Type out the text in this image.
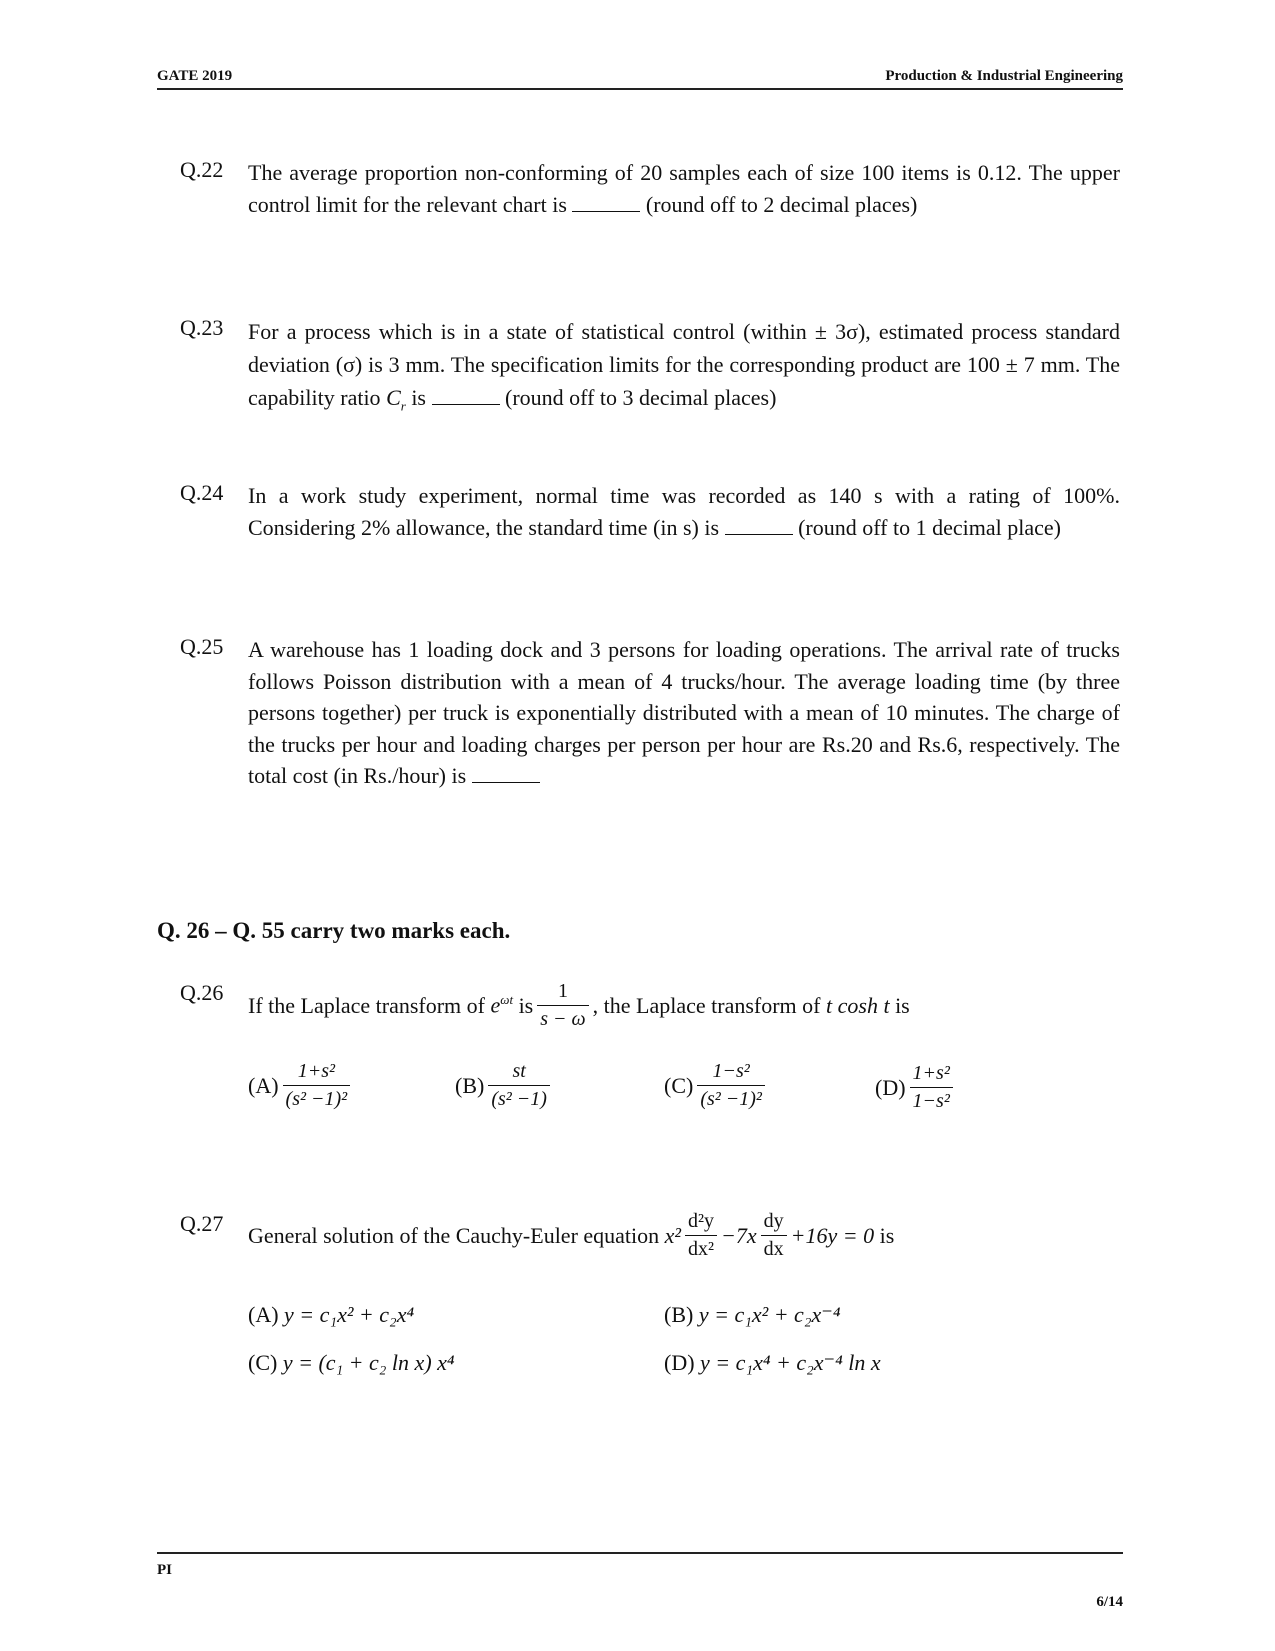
GATE 2019	Production & Industrial Engineering
Q.22 The average proportion non-conforming of 20 samples each of size 100 items is 0.12. The upper control limit for the relevant chart is	(round off to 2 decimal places)
Q.23 For a process which is in a state of statistical control (within ± 3σ), estimated process standard deviation (σ) is 3 mm. The specification limits for the corresponding product are 100 ± 7 mm. The capability ratio $C_r$ is	(round off to 3 decimal places)
Q.24 In a work study experiment, normal time was recorded as 140 s with a rating of 100%. Considering 2% allowance, the standard time (in s) is	(round off to 1 decimal place)
Q.25 A warehouse has 1 loading dock and 3 persons for loading operations. The arrival rate of trucks follows Poisson distribution with a mean of 4 trucks/hour. The average loading time (by three persons together) per truck is exponentially distributed with a mean of 10 minutes. The charge of the trucks per hour and loading charges per person per hour are Rs.20 and Rs.6, respectively. The total cost (in Rs./hour) is
Q. 26 – Q. 55 carry two marks each.
Q.26 If the Laplace transform of
$e^{\omega t}$
is $\frac{1}{s - \omega}$ , the Laplace transform of
t cosh t
is
$(A) \frac{\text{1+s²}}{\text{(s² −1)²}}$	$(B) \frac{st}{\text{(s² −1)}}$	$(C) \frac{\text{1−s²}}{\text{(s² −1)²}}$	$(D) \frac{\text{1+s²}}{\text{1−s²}}$
Q.27 General solution of the Cauchy-Euler equation
$x^2 \frac{\text{d²y}}{\text{dx²}} -7x \frac{dy}{dx} +16y = 0$
is
(A)
y = c₁x² + c₂x⁴	(B)
y = c₁x² + c₂x⁻⁴
(C)
y = (c₁ + c₂ ln x) x⁴	(D)
y = c₁x⁴ + c₂x⁻⁴ ln x
PI
6/14
